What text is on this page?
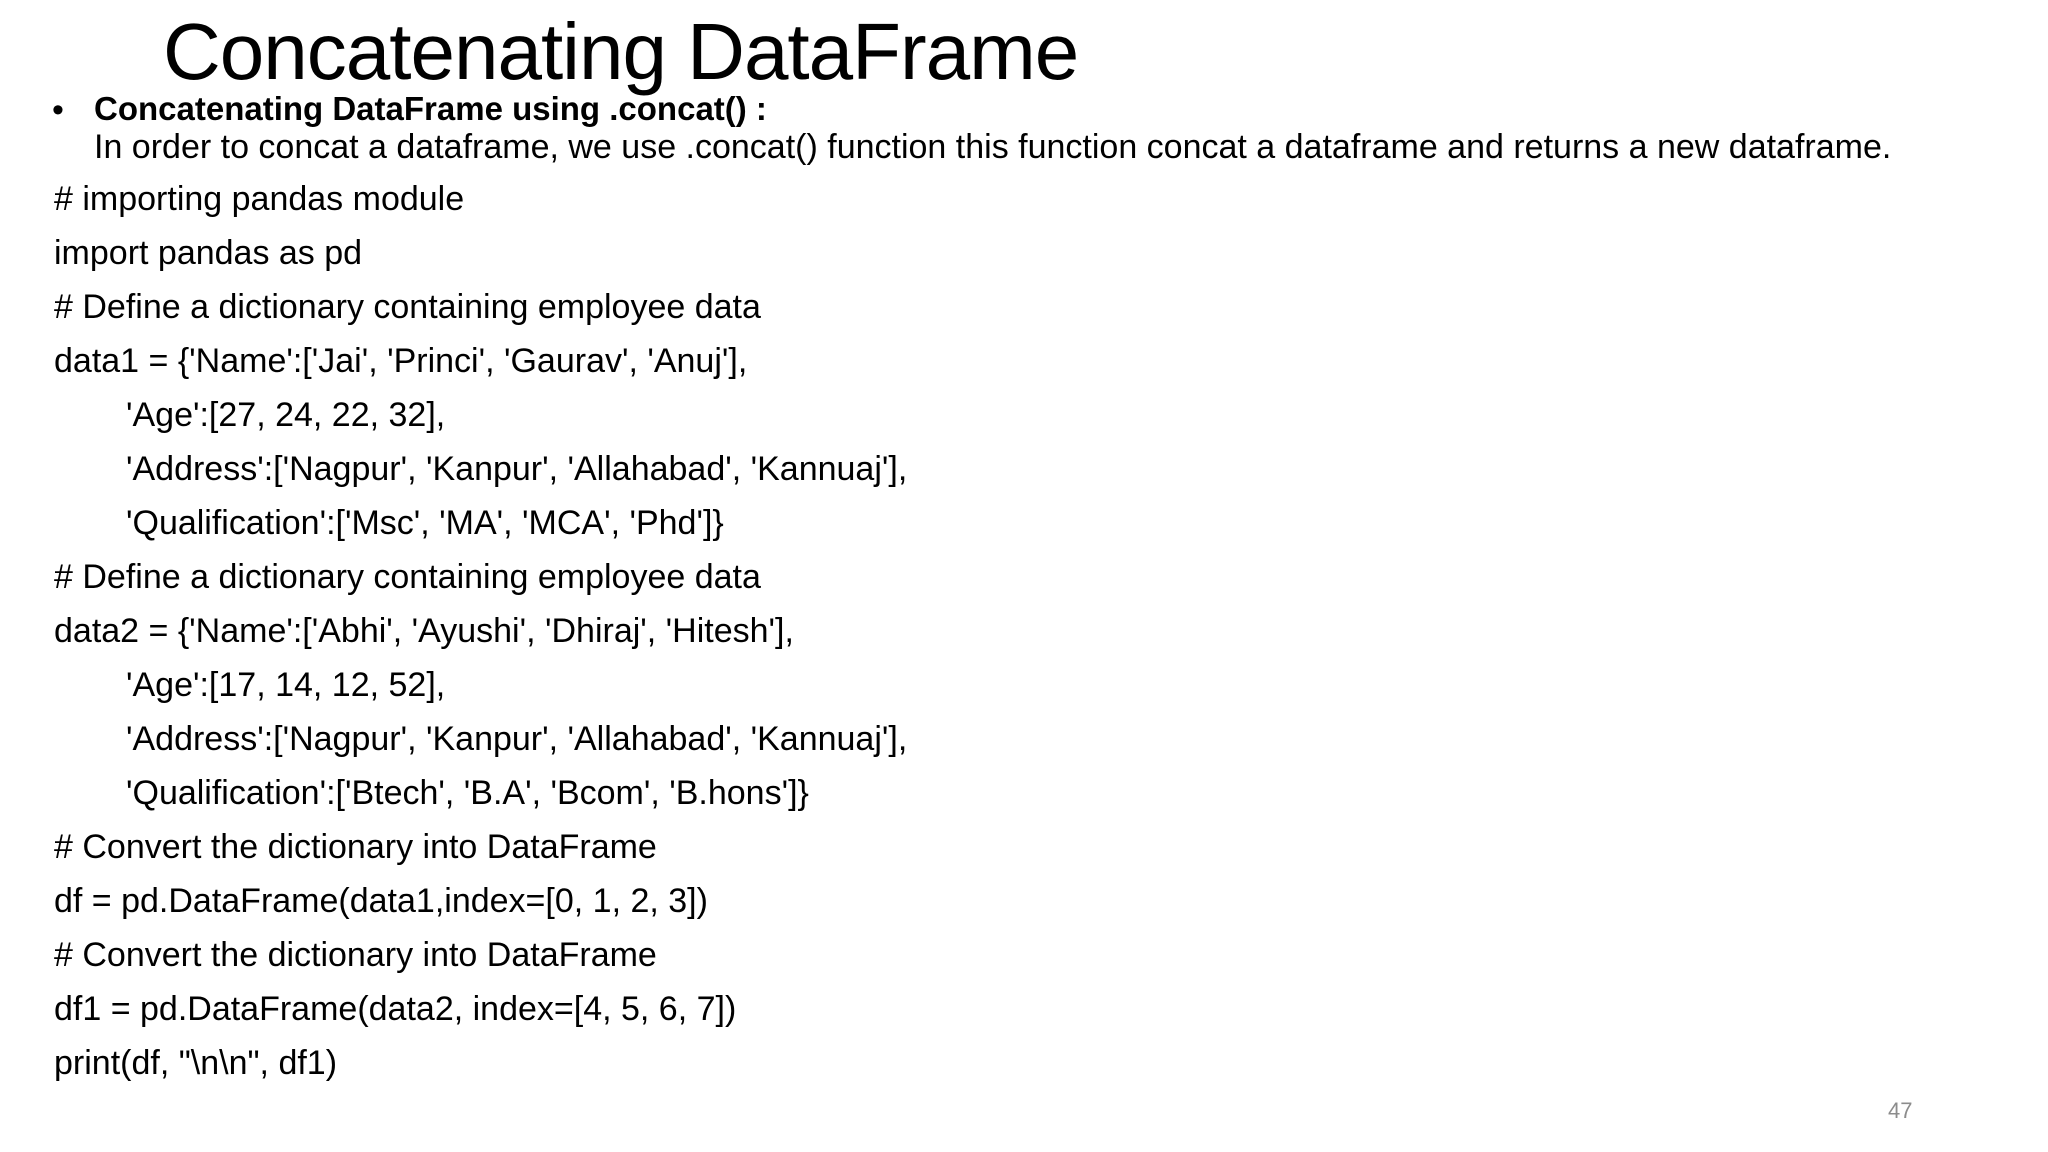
Concatenating DataFrame
• Concatenating DataFrame using .concat() :
In order to concat a dataframe, we use .concat() function this function concat a dataframe and returns a new dataframe.
# importing pandas module
import pandas as pd
# Define a dictionary containing employee data
data1 = {'Name':['Jai', 'Princi', 'Gaurav', 'Anuj'],
'Age':[27, 24, 22, 32],
'Address':['Nagpur', 'Kanpur', 'Allahabad', 'Kannuaj'],
'Qualification':['Msc', 'MA', 'MCA', 'Phd']}
# Define a dictionary containing employee data
data2 = {'Name':['Abhi', 'Ayushi', 'Dhiraj', 'Hitesh'],
'Age':[17, 14, 12, 52],
'Address':['Nagpur', 'Kanpur', 'Allahabad', 'Kannuaj'],
'Qualification':['Btech', 'B.A', 'Bcom', 'B.hons']}
# Convert the dictionary into DataFrame
df = pd.DataFrame(data1,index=[0, 1, 2, 3])
# Convert the dictionary into DataFrame
df1 = pd.DataFrame(data2, index=[4, 5, 6, 7])
print(df, "\n\n", df1)
47
